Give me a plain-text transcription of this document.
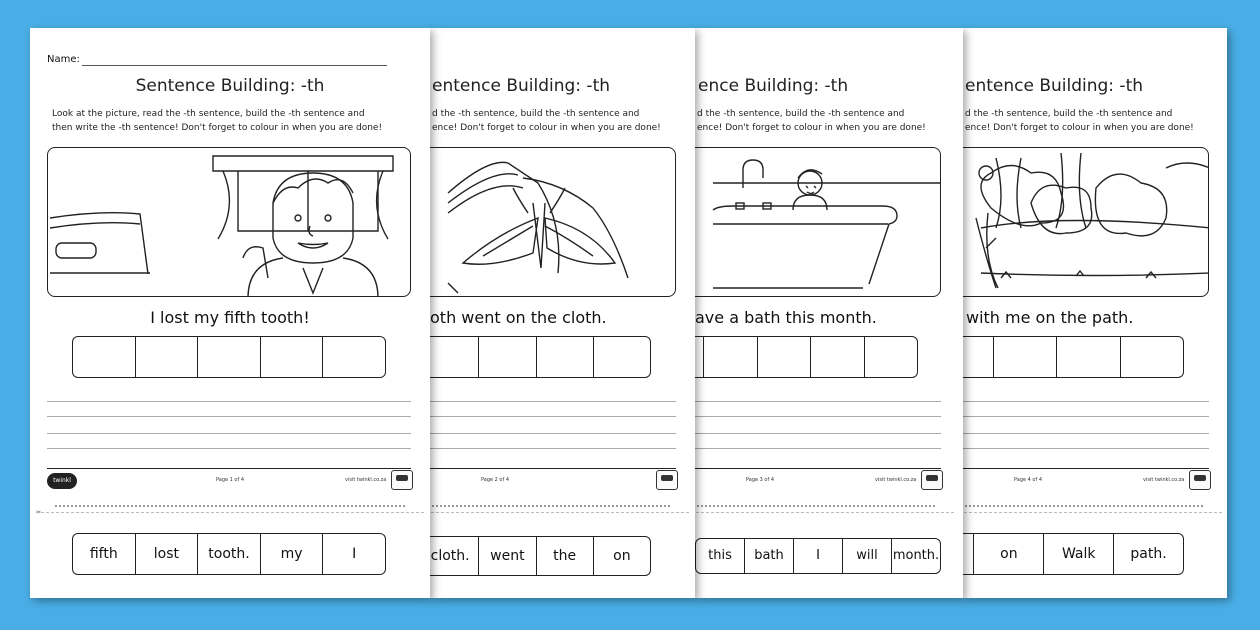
entence Building: -th
d the -th sentence, build the -th sentence and
ence! Don't forget to colour in when you are done!
with me on the path.
Page 4 of 4	visit twinkl.co.za
on	Walk	path.
ence Building: -th
d the -th sentence, build the -th sentence and
ence! Don't forget to colour in when you are done!
ave a bath this month.
Page 3 of 4	visit twinkl.co.za
this	bath	I	will	month.
entence Building: -th
d the -th sentence, build the -th sentence and
ence! Don't forget to colour in when you are done!
oth went on the cloth.
Page 2 of 4
cloth.	went	the	on
Name:
Sentence Building: -th
Look at the picture, read the -th sentence, build the -th sentence and
then write the -th sentence! Don't forget to colour in when you are done!
I lost my fifth tooth!
twinkl	Page 1 of 4	visit twinkl.co.za
✂
fifth	lost	tooth.	my	I
